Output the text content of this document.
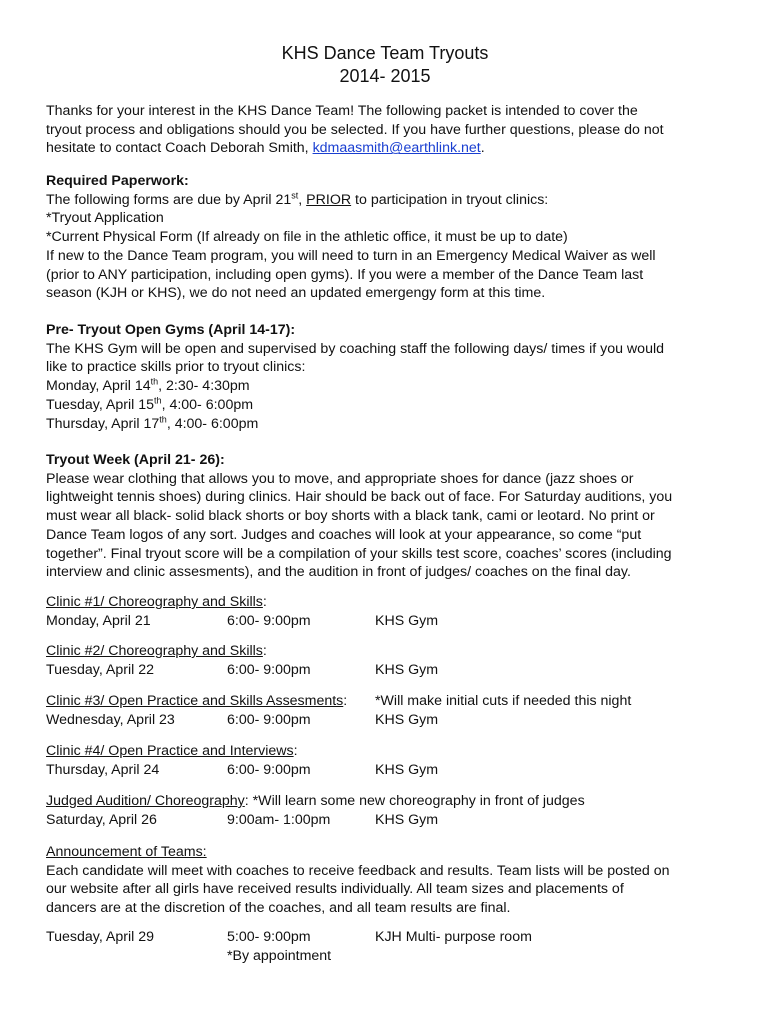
KHS Dance Team Tryouts
2014- 2015
Thanks for your interest in the KHS Dance Team! The following packet is intended to cover the
tryout process and obligations should you be selected. If you have further questions, please do not
hesitate to contact Coach Deborah Smith, kdmaasmith@earthlink.net.
Required Paperwork:
The following forms are due by April 21st, PRIOR to participation in tryout clinics:
*Tryout Application
*Current Physical Form (If already on file in the athletic office, it must be up to date)
If new to the Dance Team program, you will need to turn in an Emergency Medical Waiver as well
(prior to ANY participation, including open gyms). If you were a member of the Dance Team last
season (KJH or KHS), we do not need an updated emergengy form at this time.
Pre- Tryout Open Gyms (April 14-17):
The KHS Gym will be open and supervised by coaching staff the following days/ times if you would
like to practice skills prior to tryout clinics:
Monday, April 14th, 2:30- 4:30pm
Tuesday, April 15th, 4:00- 6:00pm
Thursday, April 17th, 4:00- 6:00pm
Tryout Week (April 21- 26):
Please wear clothing that allows you to move, and appropriate shoes for dance (jazz shoes or
lightweight tennis shoes) during clinics. Hair should be back out of face. For Saturday auditions, you
must wear all black- solid black shorts or boy shorts with a black tank, cami or leotard. No print or
Dance Team logos of any sort. Judges and coaches will look at your appearance, so come “put
together”. Final tryout score will be a compilation of your skills test score, coaches’ scores (including
interview and clinic assesments), and the audition in front of judges/ coaches on the final day.
Clinic #1/ Choreography and Skills:
Monday, April 21	6:00- 9:00pm	KHS Gym
Clinic #2/ Choreography and Skills:
Tuesday, April 22	6:00- 9:00pm	KHS Gym
Clinic #3/ Open Practice and Skills Assesments: *Will make initial cuts if needed this night
Wednesday, April 23	6:00- 9:00pm	KHS Gym
Clinic #4/ Open Practice and Interviews:
Thursday, April 24	6:00- 9:00pm	KHS Gym
Judged Audition/ Choreography: *Will learn some new choreography in front of judges
Saturday, April 26	9:00am- 1:00pm	KHS Gym
Announcement of Teams:
Each candidate will meet with coaches to receive feedback and results. Team lists will be posted on
our website after all girls have received results individually. All team sizes and placements of
dancers are at the discretion of the coaches, and all team results are final.
Tuesday, April 29	5:00- 9:00pm	KJH Multi- purpose room
*By appointment
